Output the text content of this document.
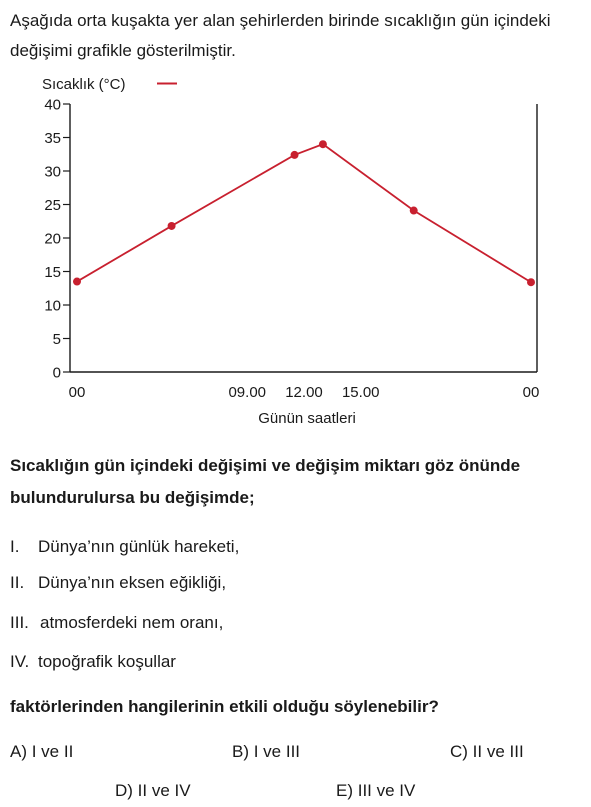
Aşağıda orta kuşakta yer alan şehirlerden birinde sıcaklığın gün içindeki değişimi grafikle gösterilmiştir.
Sıcaklık (°C)
0
5
10
15
20
25
30
35
40
00	09.00 12.00 15.00	00
Günün saatleri
Sıcaklığın gün içindeki değişimi ve değişim miktarı göz önünde bulundurulursa bu değişimde;
I. Dünya’nın günlük hareketi,
II. Dünya’nın eksen eğikliği,
III. atmosferdeki nem oranı,
IV. topoğrafik koşullar
faktörlerinden hangilerinin etkili olduğu söylenebilir?
A) I ve II	B) I ve III	C) II ve III
D) II ve IV	E) III ve IV
